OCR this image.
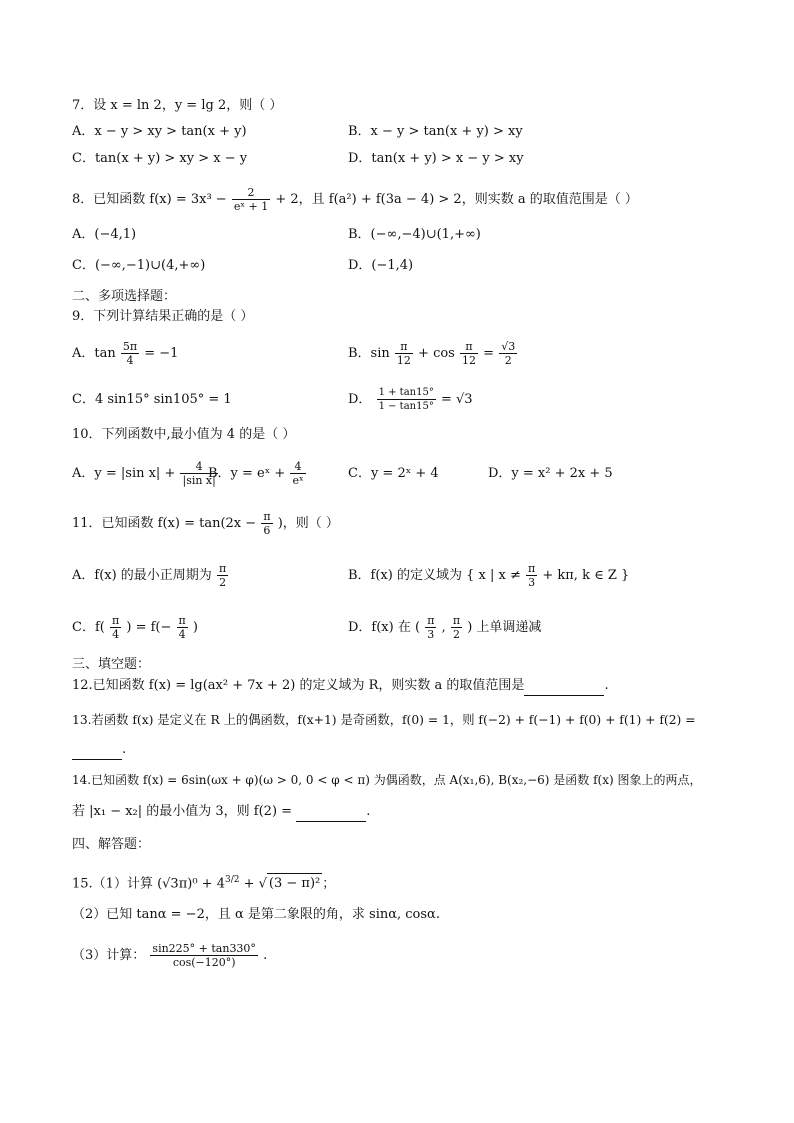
7．设 x = ln 2，y = lg 2，则（ ）
A．x − y > xy > tan(x + y)	B．x − y > tan(x + y) > xy
C．tan(x + y) > xy > x − y	D．tan(x + y) > x − y > xy
8．已知函数 $f(x) = 3x^3 - \frac{2}{\text{eˣ + 1}} + 2$，且 f(a²) + f(3a − 4) > 2，则实数 a 的取值范围是（ ）
A．(−4,1)	B．(−∞,−4)∪(1,+∞)
C．(−∞,−1)∪(4,+∞)	D．(−1,4)
二、多项选择题：
9．下列计算结果正确的是（ ）
A．$\tan \frac{5\pi}{4} = -1$	B．$\sin \frac{\pi}{12} + \cos \frac{\pi}{12} = \frac{√3}{2}$
C．4 sin15° sin105° = 1	D． $\frac{1 + \tan 15^\circ}{1 - \tan 15^\circ} = √3$
10．下列函数中,最小值为 4 的是（ ）
A．y = |sin $x| + \frac{4}{\text{|sin x|}}$
B．y = eˣ + $\frac{4}{\text{eˣ}}$	C．y = 2ˣ + 4	D．y = x² + 2x + 5
11．已知函数 $f(x) = \tan(2x - \frac{\pi}{6}$ )，则（ ）
A．f(x) 的最小正周期为 $\frac{\pi}{2}$	B．f(x) 的定义域为 { x | $x \ne \frac{\pi}{3} + k\pi$, k ∈ Z }
C．$f( \frac{\pi}{4}$ ) = $f(- \frac{\pi}{4}$ )	D．f(x) 在 ( $\frac{\pi}{3}$ , $\frac{\pi}{2}$ ) 上单调递减
三、填空题：
12.已知函数 f(x) = lg(ax² + 7x + 2) 的定义域为 R，则实数 a 的取值范围是	.
13.若函数 f(x) 是定义在 R 上的偶函数，f(x+1) 是奇函数，f(0) = 1，则 f(−2) + f(−1) + f(0) + f(1) + f(2) =
.
14.已知函数 f(x) = 6sin(ωx + φ)(ω > 0, 0 < φ < π) 为偶函数，点 A(x₁,6), B(x₂,−6) 是函数 f(x) 图象上的两点，
若 |x₁ − x₂| 的最小值为 3，则 f(2) =	.
四、解答题：
15.（1）计算 $(√3\pi)^0 + 4^{3/2}$ + √ (3 − π)² ；
（2）已知 tanα = −2，且 α 是第二象限的角，求 sinα, cosα.
（3）计算： $\frac{\sin 225^\circ + \tan 330^\circ}{\cos(-120^\circ)}$ .
